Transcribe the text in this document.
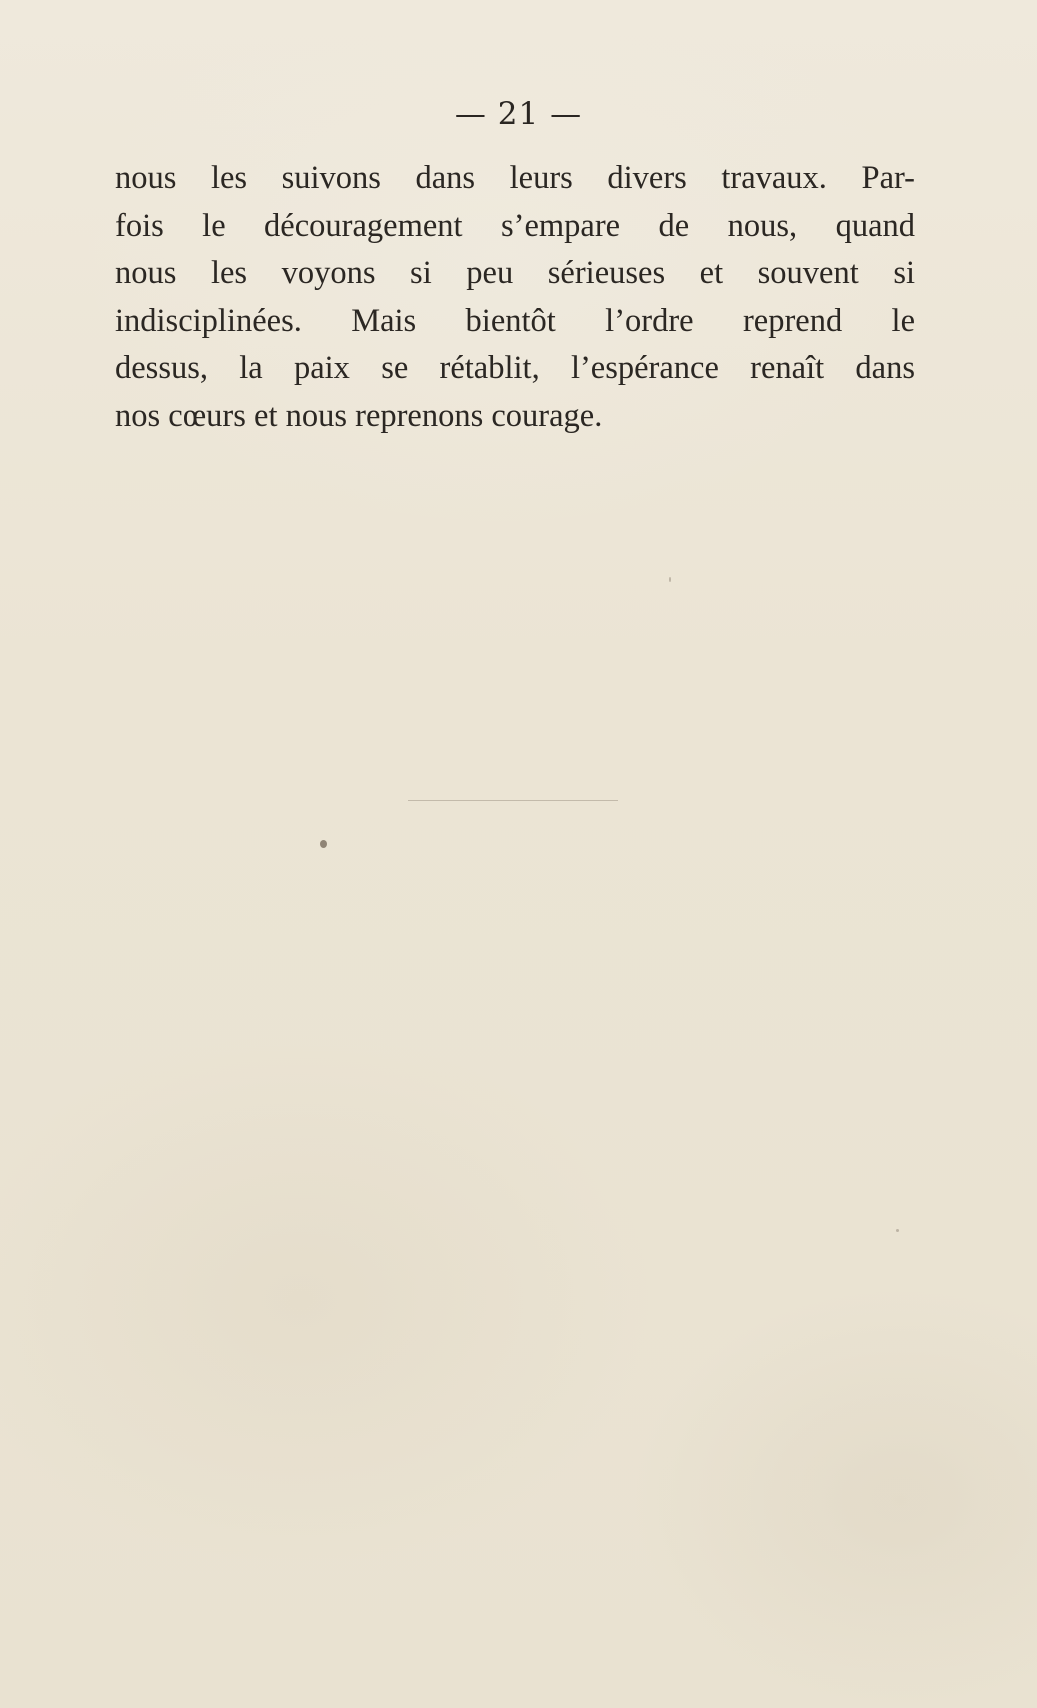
— 21 —
nous les suivons dans leurs divers travaux. Par-
fois le découragement s’empare de nous, quand
nous les voyons si peu sérieuses et souvent si
indisciplinées. Mais bientôt l’ordre reprend le
dessus, la paix se rétablit, l’espérance renaît dans
nos cœurs et nous reprenons courage.
